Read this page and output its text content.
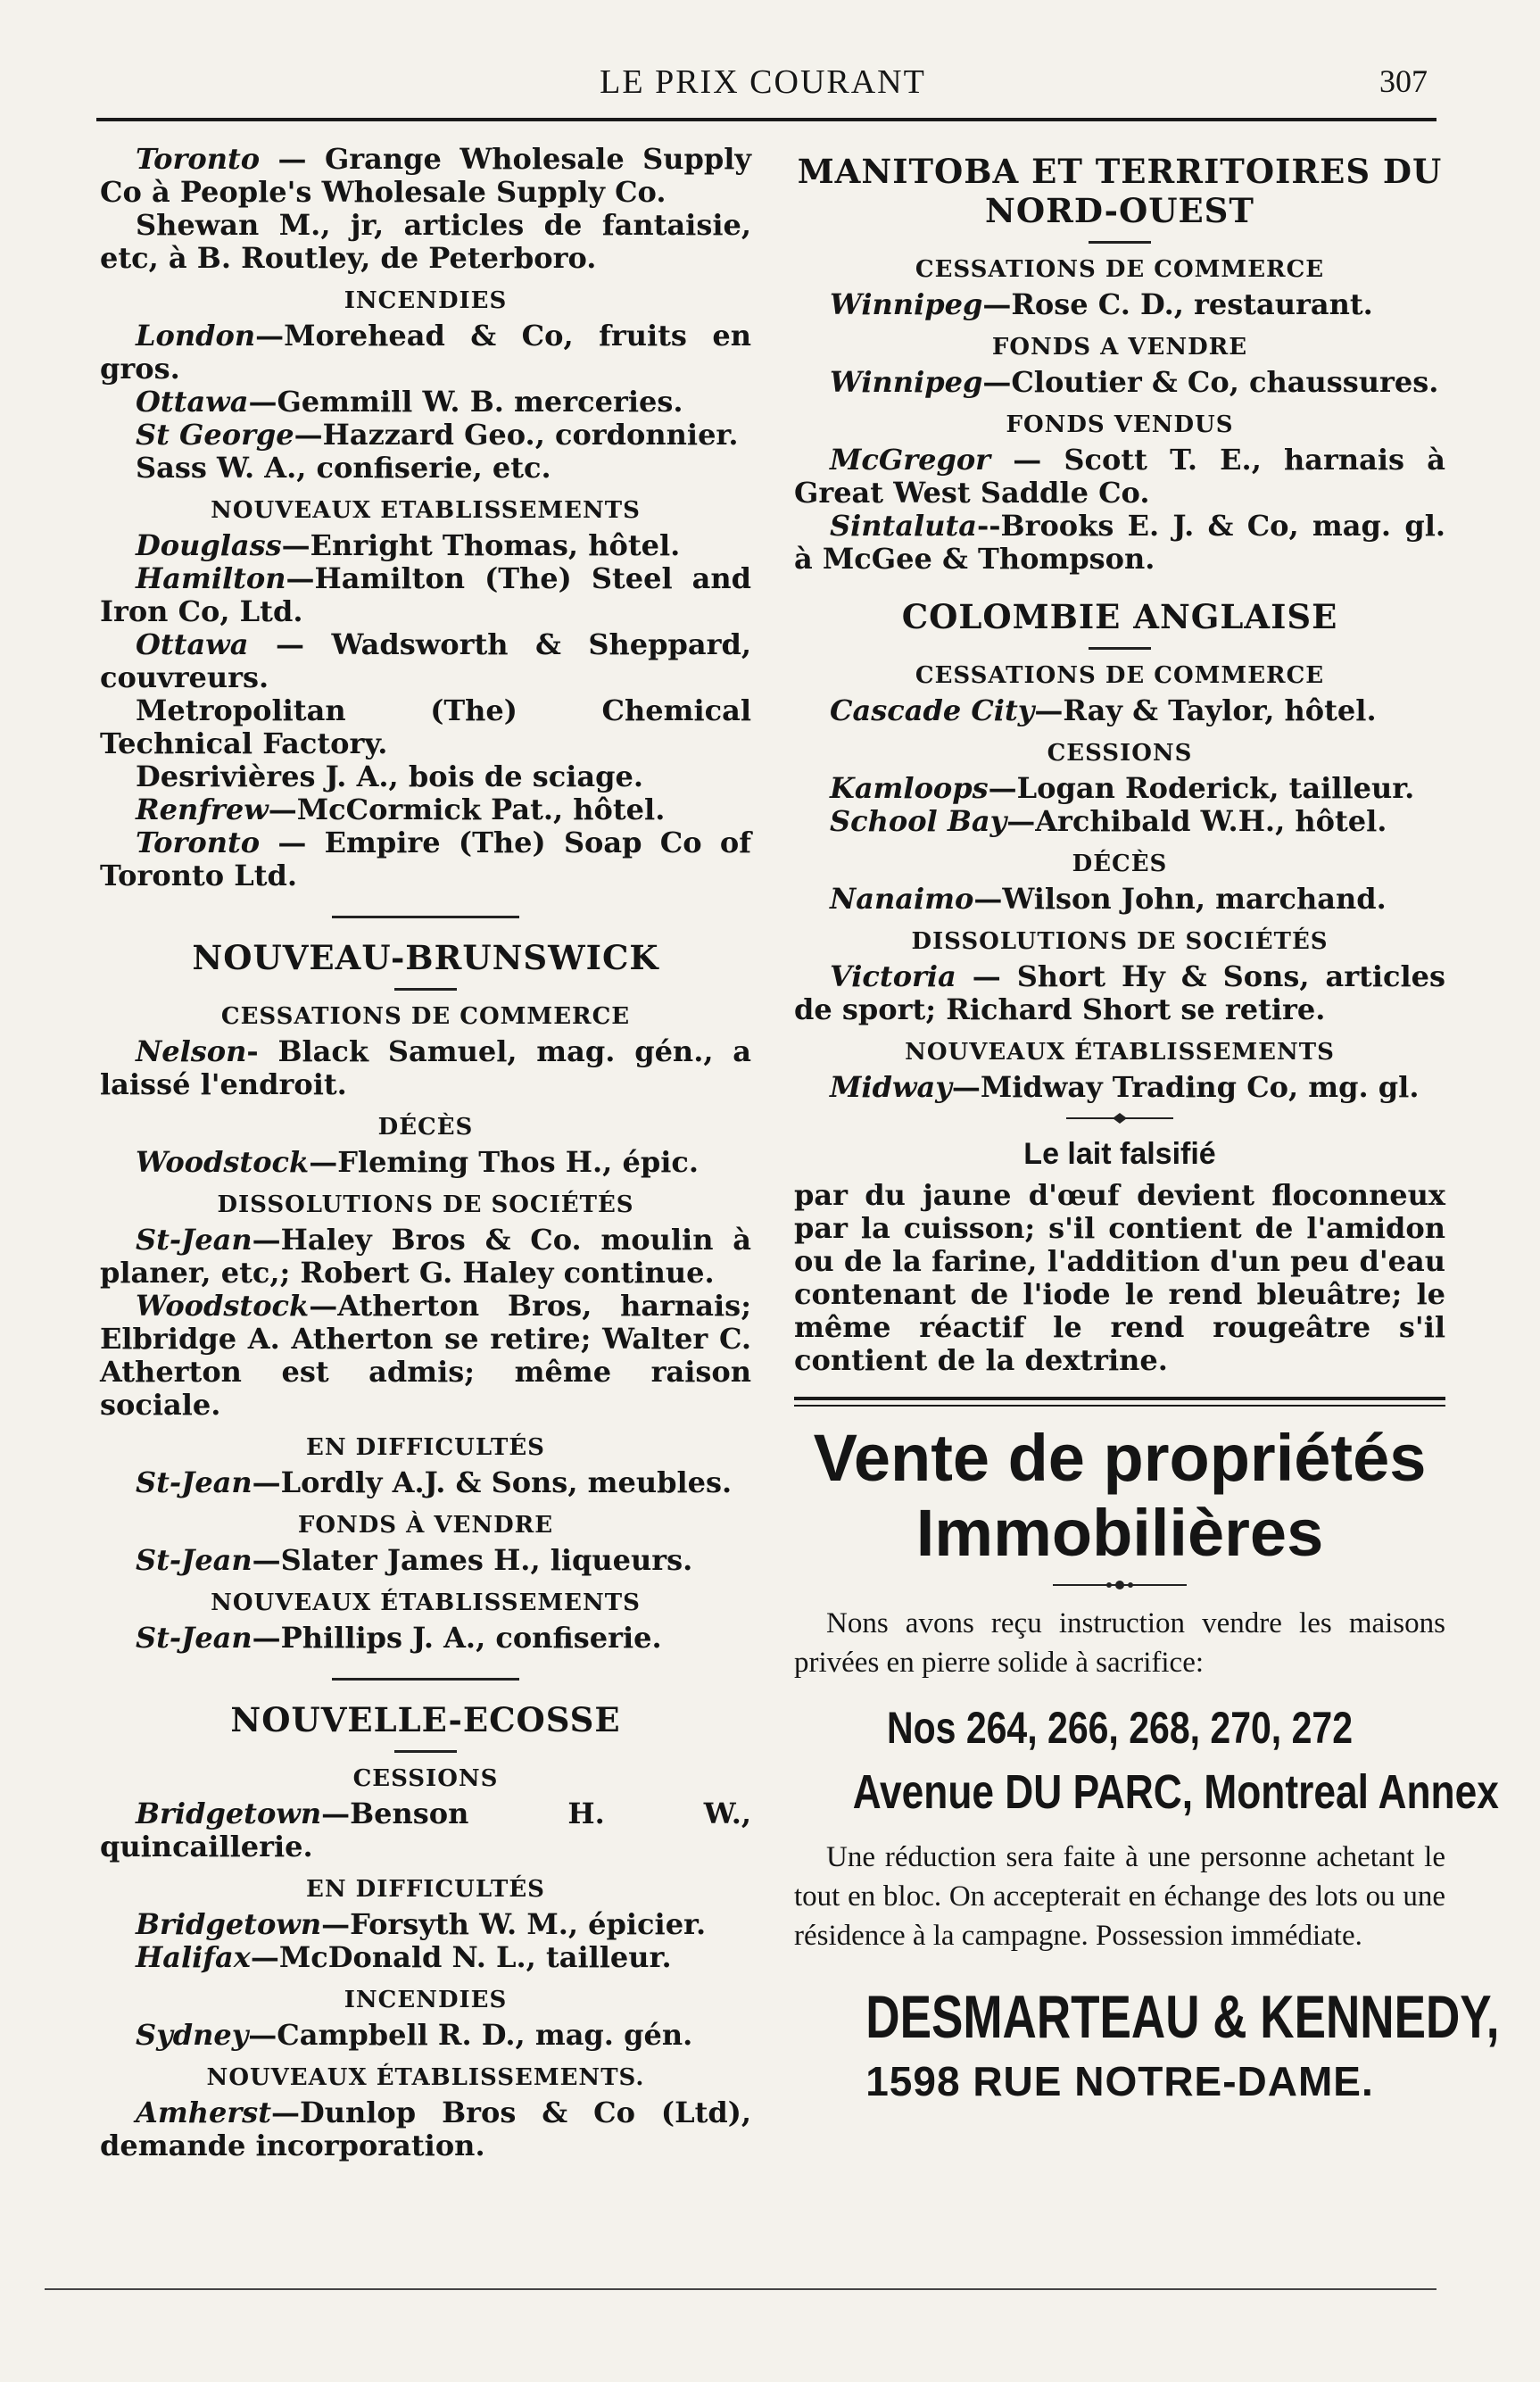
LE PRIX COURANT	307

Toronto — Grange Wholesale Supply Co à People's Wholesale Supply Co.

Shewan M., jr, articles de fantaisie, etc, à B. Routley, de Peterboro.

INCENDIES

London—Morehead & Co, fruits en gros.

Ottawa—Gemmill W. B. merceries.

St George—Hazzard Geo., cordonnier.

Sass W. A., confiserie, etc.

NOUVEAUX ETABLISSEMENTS

Douglass—Enright Thomas, hôtel.

Hamilton—Hamilton (The) Steel and Iron Co, Ltd.

Ottawa — Wadsworth & Sheppard, couvreurs.

Metropolitan (The) Chemical Technical Factory.

Desrivières J. A., bois de sciage.

Renfrew—McCormick Pat., hôtel.

Toronto — Empire (The) Soap Co of Toronto Ltd.

NOUVEAU-BRUNSWICK
CESSATIONS DE COMMERCE

Nelson- Black Samuel, mag. gén., a laissé l'endroit.

DÉCÈS

Woodstock—Fleming Thos H., épic.

DISSOLUTIONS DE SOCIÉTÉS

St-Jean—Haley Bros & Co. moulin à planer, etc,; Robert G. Haley continue.

Woodstock—Atherton Bros, harnais; Elbridge A. Atherton se retire; Walter C. Atherton est admis; même raison sociale.

EN DIFFICULTÉS

St-Jean—Lordly A.J. & Sons, meubles.

FONDS À VENDRE

St-Jean—Slater James H., liqueurs.

NOUVEAUX ÉTABLISSEMENTS

St-Jean—Phillips J. A., confiserie.

NOUVELLE-ECOSSE
CESSIONS

Bridgetown—Benson H. W., quincaillerie.

EN DIFFICULTÉS

Bridgetown—Forsyth W. M., épicier.

Halifax—McDonald N. L., tailleur.

INCENDIES

Sydney—Campbell R. D., mag. gén.

NOUVEAUX ÉTABLISSEMENTS.

Amherst—Dunlop Bros & Co (Ltd), demande incorporation.

MANITOBA ET TERRITOIRES DU NORD-OUEST
CESSATIONS DE COMMERCE

Winnipeg—Rose C. D., restaurant.

FONDS A VENDRE

Winnipeg—Cloutier & Co, chaussures.

FONDS VENDUS

McGregor — Scott T. E., harnais à Great West Saddle Co.

Sintaluta--Brooks E. J. & Co, mag. gl. à McGee & Thompson.

COLOMBIE ANGLAISE
CESSATIONS DE COMMERCE

Cascade City—Ray & Taylor, hôtel.

CESSIONS

Kamloops—Logan Roderick, tailleur.

School Bay—Archibald W.H., hôtel.

DÉCÈS

Nanaimo—Wilson John, marchand.

DISSOLUTIONS DE SOCIÉTÉS

Victoria — Short Hy & Sons, articles de sport; Richard Short se retire.

NOUVEAUX ÉTABLISSEMENTS

Midway—Midway Trading Co, mg. gl.

Le lait falsifié

par du jaune d'œuf devient floconneux par la cuisson; s'il contient de l'amidon ou de la farine, l'addition d'un peu d'eau contenant de l'iode le rend bleuâtre; le même réactif le rend rougeâtre s'il contient de la dextrine.

Vente de propriétés

Immobilières

Nons avons reçu instruction vendre les maisons privées en pierre solide à sacrifice:

Nos 264, 266, 268, 270, 272
Avenue DU PARC, Montreal Annex

Une réduction sera faite à une personne achetant le tout en bloc. On accepterait en échange des lots ou une résidence à la campagne. Possession immédiate.

DESMARTEAU & KENNEDY,
1598 RUE NOTRE-DAME.
